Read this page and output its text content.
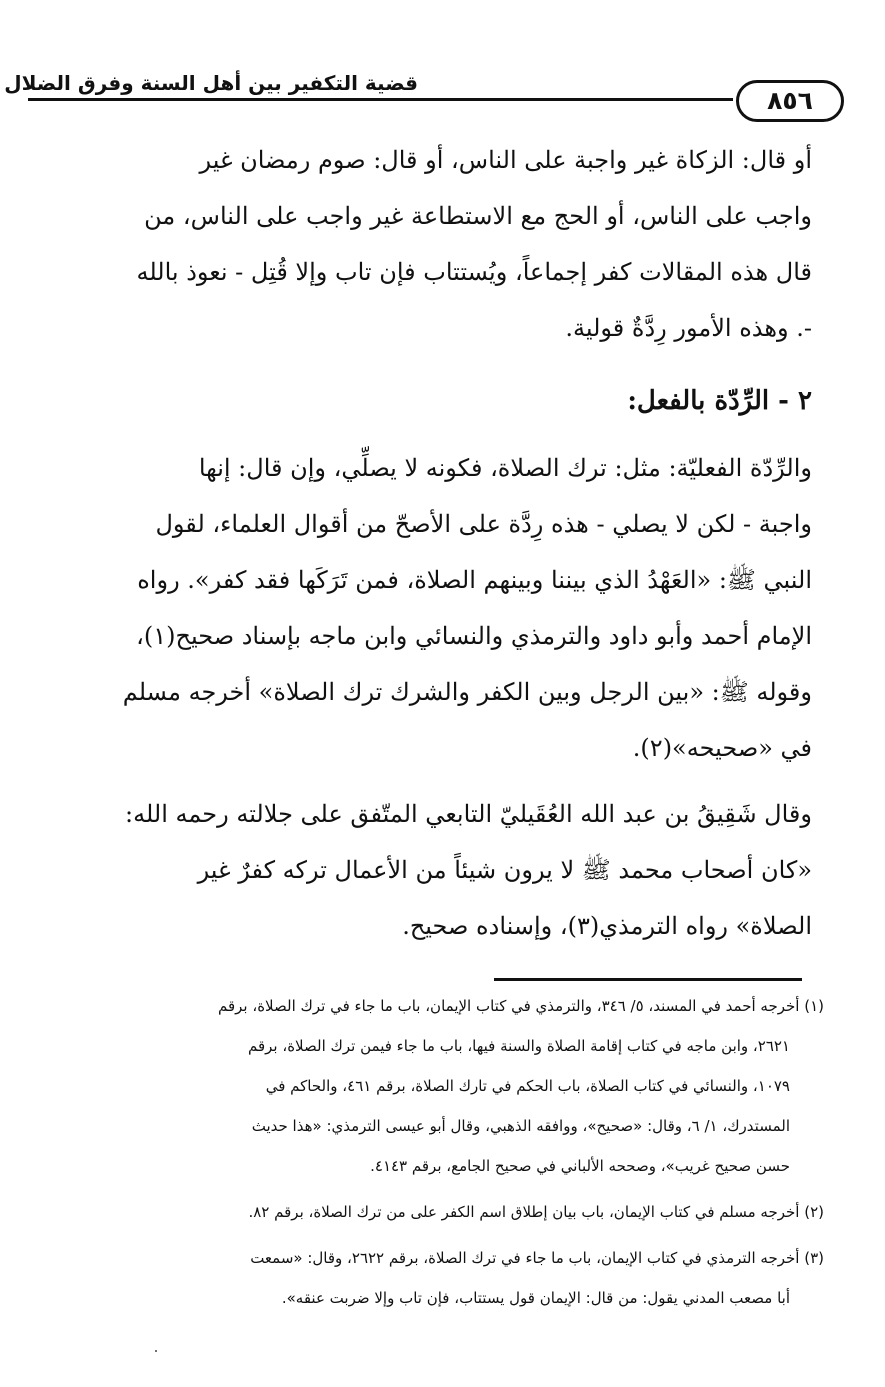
قضية التكفير بين أهل السنة وفرق الضلال
٨٥٦

أو قال: الزكاة غير واجبة على الناس، أو قال: صوم رمضان غير

واجب على الناس، أو الحج مع الاستطاعة غير واجب على الناس، من

قال هذه المقالات كفر إجماعاً، ويُستتاب فإن تاب وإلا قُتِل - نعوذ بالله

-. وهذه الأمور رِدَّةٌ قولية.

٢ - الرِّدّة بالفعل:

والرِّدّة الفعليّة: مثل: ترك الصلاة، فكونه لا يصلِّي، وإن قال: إنها

واجبة - لكن لا يصلي - هذه رِدَّة على الأصحّ من أقوال العلماء، لقول

النبي ﷺ: «العَهْدُ الذي بيننا وبينهم الصلاة، فمن تَرَكَها فقد كفر». رواه

الإمام أحمد وأبو داود والترمذي والنسائي وابن ماجه بإسناد صحيح(١)،

وقوله ﷺ: «بين الرجل وبين الكفر والشرك ترك الصلاة» أخرجه مسلم

في «صحيحه»(٢).

وقال شَقِيقُ بن عبد الله العُقَيليّ التابعي المتّفق على جلالته رحمه الله:

«كان أصحاب محمد ﷺ لا يرون شيئاً من الأعمال تركه كفرٌ غير

الصلاة» رواه الترمذي(٣)، وإسناده صحيح.

(١) أخرجه أحمد في المسند، ٥/ ٣٤٦، والترمذي في كتاب الإيمان، باب ما جاء في ترك الصلاة، برقم
٢٦٢١، وابن ماجه في كتاب إقامة الصلاة والسنة فيها، باب ما جاء فيمن ترك الصلاة، برقم
١٠٧٩، والنسائي في كتاب الصلاة، باب الحكم في تارك الصلاة، برقم ٤٦١، والحاكم في
المستدرك، ١/ ٦، وقال: «صحيح»، ووافقه الذهبي، وقال أبو عيسى الترمذي: «هذا حديث
حسن صحيح غريب»، وصححه الألباني في صحيح الجامع، برقم ٤١٤٣.
(٢) أخرجه مسلم في كتاب الإيمان، باب بيان إطلاق اسم الكفر على من ترك الصلاة، برقم ٨٢.
(٣) أخرجه الترمذي في كتاب الإيمان، باب ما جاء في ترك الصلاة، برقم ٢٦٢٢، وقال: «سمعت
أبا مصعب المدني يقول: من قال: الإيمان قول يستتاب، فإن تاب وإلا ضربت عنقه».
